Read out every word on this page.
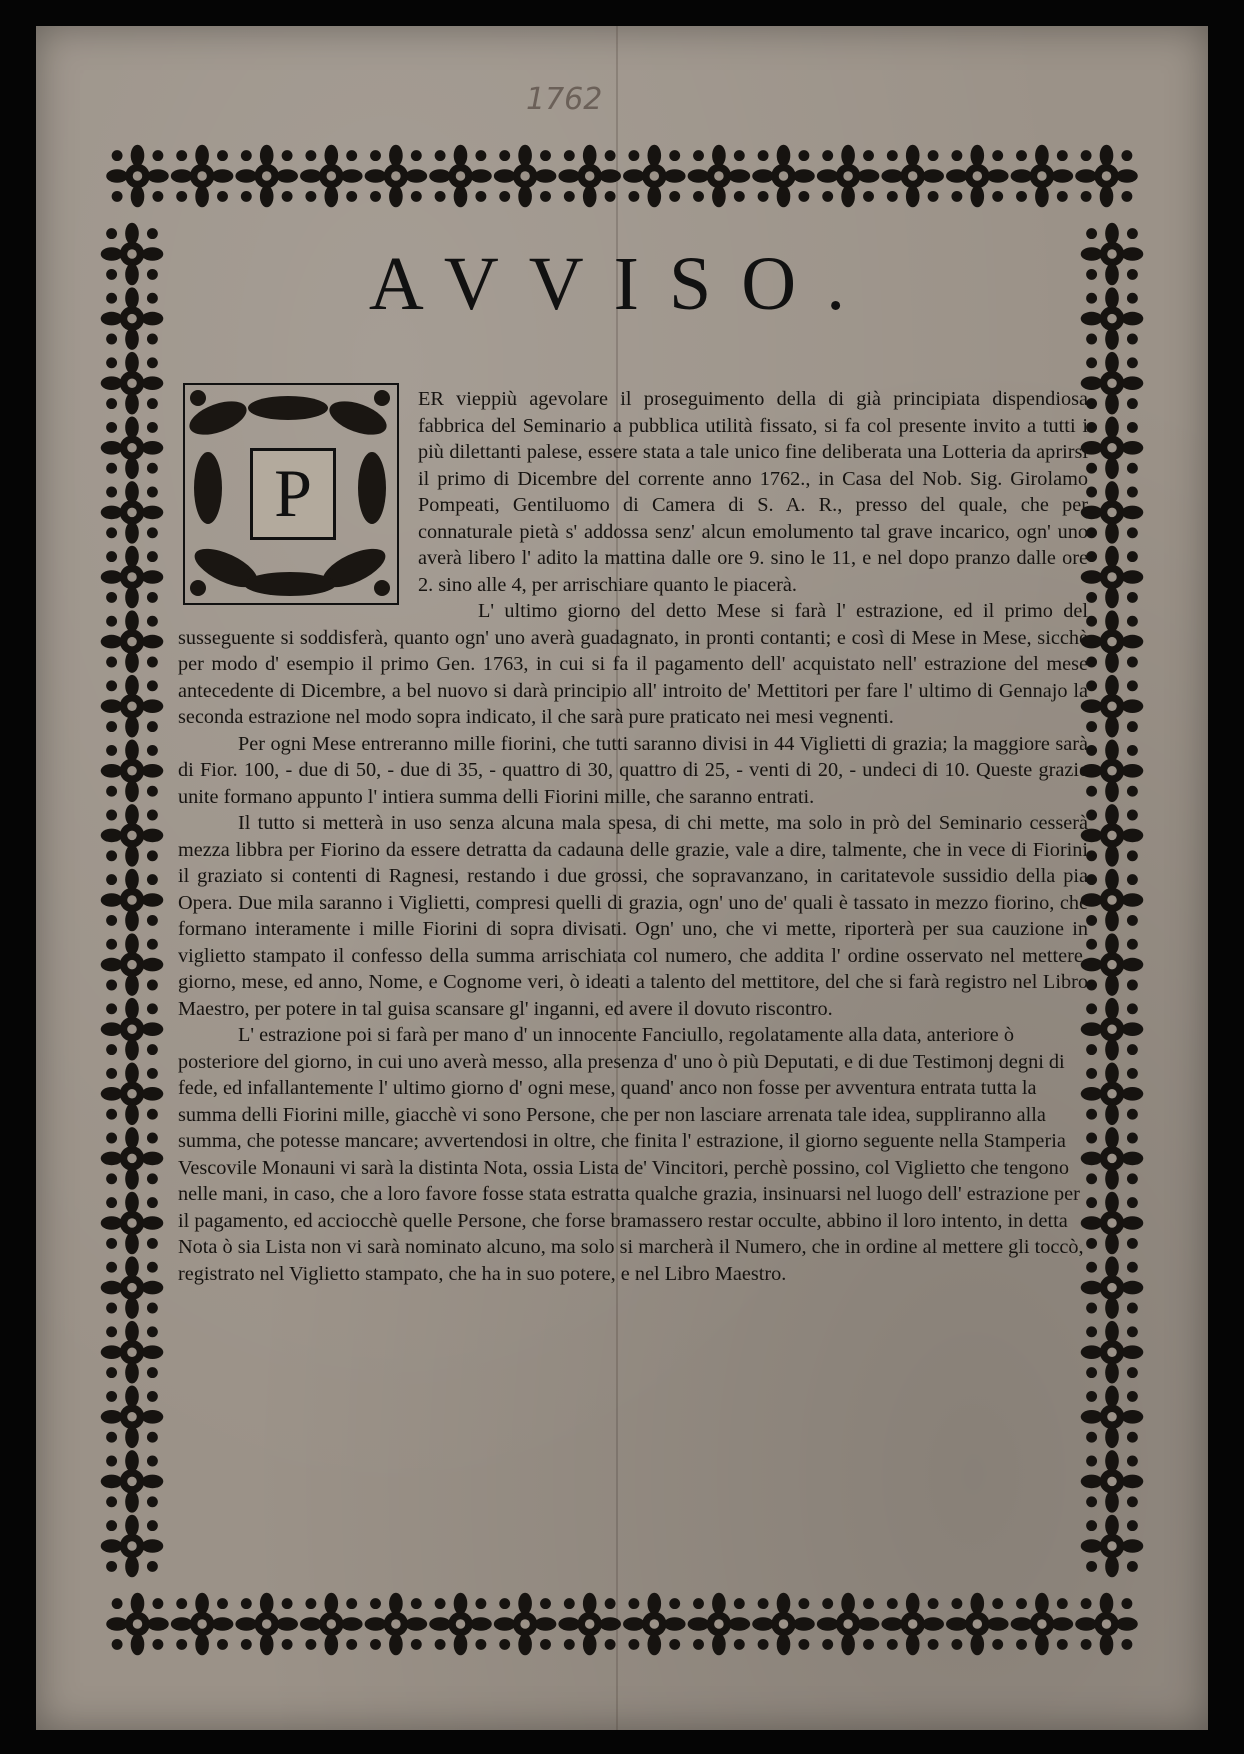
1762
AVVISO.
P

ER vieppiù agevolare il proseguimento della di già principiata dispendiosa fabbrica del Seminario a pubblica utilità fissato, si fa col presente invito a tutti i più dilettanti palese, essere stata a tale unico fine deliberata una Lotteria da aprirsi il primo di Dicembre del corrente anno 1762., in Casa del Nob. Sig. Girolamo Pompeati, Gentiluomo di Camera di S. A. R., presso del quale, che per connaturale pietà s' addossa senz' alcun emolumento tal grave incarico, ogn' uno averà libero l' adito la mattina dalle ore 9. sino le 11, e nel dopo pranzo dalle ore 2. sino alle 4, per arrischiare quanto le piacerà.

L' ultimo giorno del detto Mese si farà l' estrazione, ed il primo del susseguente si soddisferà, quanto ogn' uno averà guadagnato, in pronti contanti; e così di Mese in Mese, sicchè per modo d' esempio il primo Gen. 1763, in cui si fa il pagamento dell' acquistato nell' estrazione del mese antecedente di Dicembre, a bel nuovo si darà principio all' introito de' Mettitori per fare l' ultimo di Gennajo la seconda estrazione nel modo sopra indicato, il che sarà pure praticato nei mesi vegnenti.

Per ogni Mese entreranno mille fiorini, che tutti saranno divisi in 44 Viglietti di grazia; la maggiore sarà di Fior. 100, - due di 50, - due di 35, - quattro di 30, quattro di 25, - venti di 20, - undeci di 10. Queste grazie unite formano appunto l' intiera summa delli Fiorini mille, che saranno entrati.

Il tutto si metterà in uso senza alcuna mala spesa, di chi mette, ma solo in prò del Seminario cesserà mezza libbra per Fiorino da essere detratta da cadauna delle grazie, vale a dire, talmente, che in vece di Fiorini il graziato si contenti di Ragnesi, restando i due grossi, che sopravanzano, in caritatevole sussidio della pia Opera. Due mila saranno i Viglietti, compresi quelli di grazia, ogn' uno de' quali è tassato in mezzo fiorino, che formano interamente i mille Fiorini di sopra divisati. Ogn' uno, che vi mette, riporterà per sua cauzione in viglietto stampato il confesso della summa arrischiata col numero, che addita l' ordine osservato nel mettere, giorno, mese, ed anno, Nome, e Cognome veri, ò ideati a talento del mettitore, del che si farà registro nel Libro Maestro, per potere in tal guisa scansare gl' inganni, ed avere il dovuto riscontro.

L' estrazione poi si farà per mano d' un innocente Fanciullo, regolatamente alla data, anteriore ò posteriore del giorno, in cui uno averà messo, alla presenza d' uno ò più Deputati, e di due Testimonj degni di fede, ed infallantemente l' ultimo giorno d' ogni mese, quand' anco non fosse per avventura entrata tutta la summa delli Fiorini mille, giacchè vi sono Persone, che per non lasciare arrenata tale idea, suppliranno alla summa, che potesse mancare; avvertendosi in oltre, che finita l' estrazione, il giorno seguente nella Stamperia Vescovile Monauni vi sarà la distinta Nota, ossia Lista de' Vincitori, perchè possino, col Viglietto che tengono nelle mani, in caso, che a loro favore fosse stata estratta qualche grazia, insinuarsi nel luogo dell' estrazione per il pagamento, ed acciocchè quelle Persone, che forse bramassero restar occulte, abbino il loro intento, in detta Nota ò sia Lista non vi sarà nominato alcuno, ma solo si marcherà il Numero, che in ordine al mettere gli toccò, registrato nel Viglietto stampato, che ha in suo potere, e nel Libro Maestro.
